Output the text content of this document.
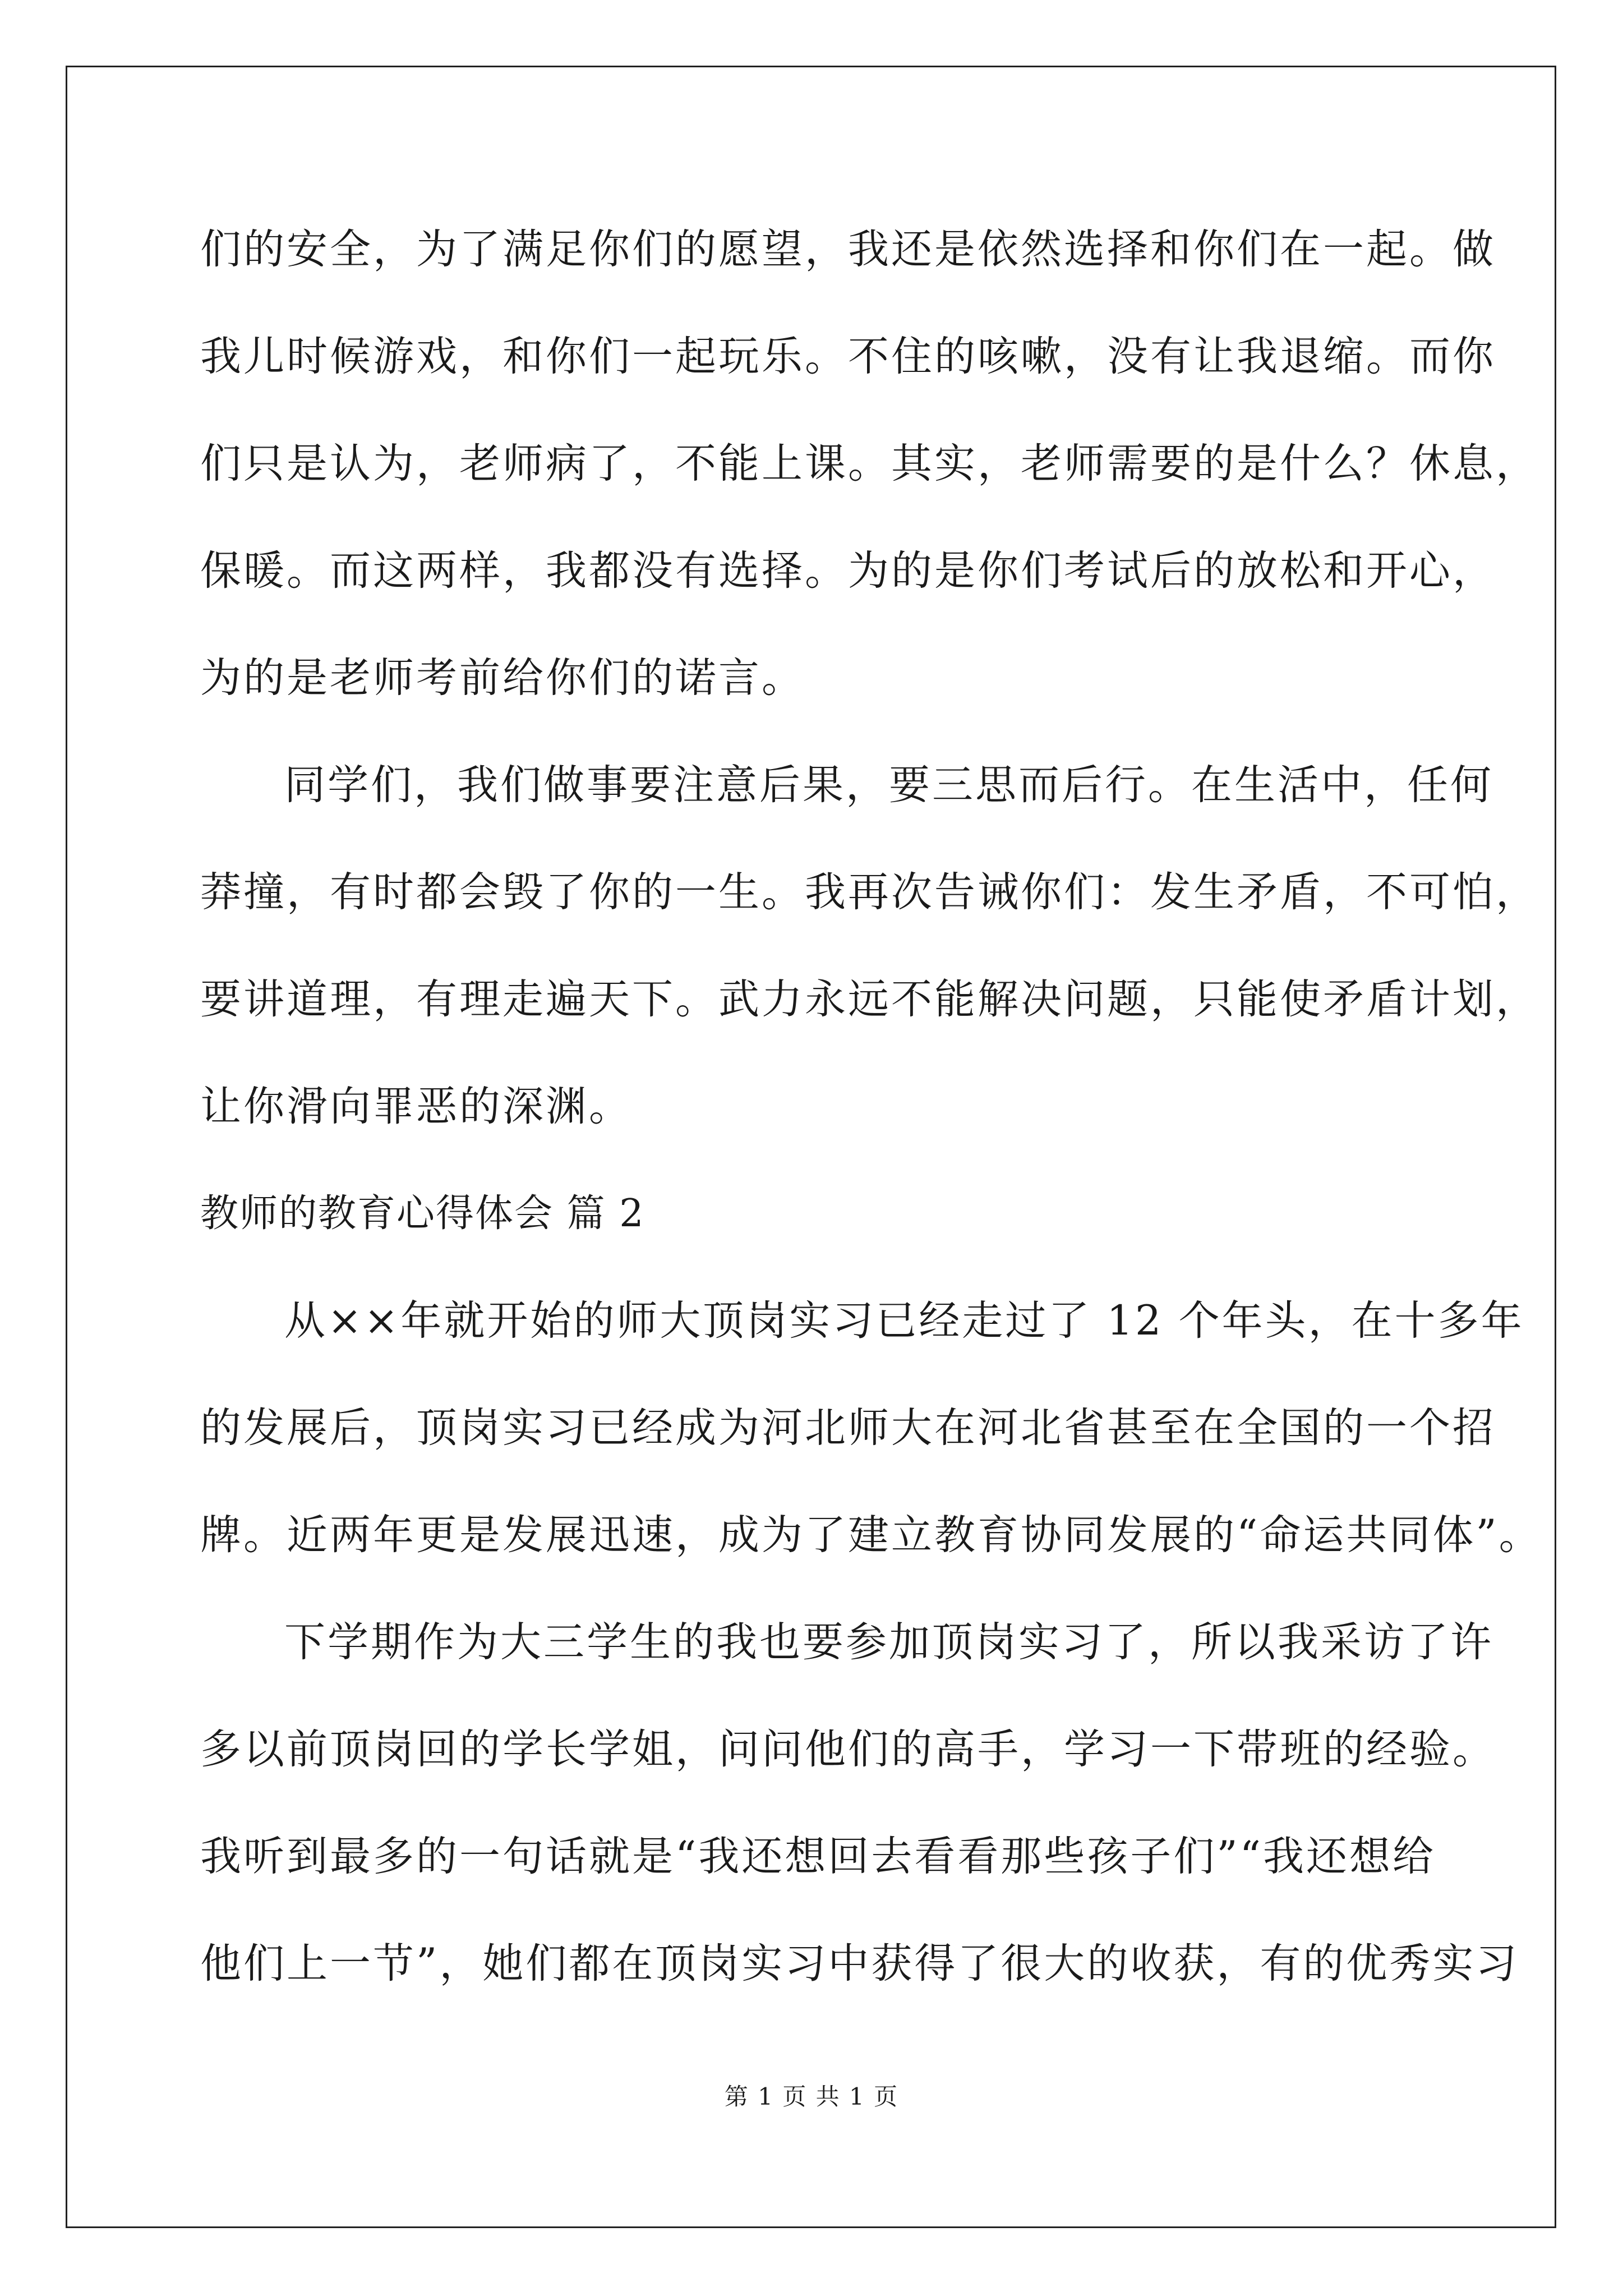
们的安全，为了满足你们的愿望，我还是依然选择和你们在一起。做
我儿时候游戏，和你们一起玩乐。不住的咳嗽，没有让我退缩。而你
们只是认为，老师病了，不能上课。其实，老师需要的是什么？休息，
保暖。而这两样，我都没有选择。为的是你们考试后的放松和开心，
为的是老师考前给你们的诺言。
同学们，我们做事要注意后果，要三思而后行。在生活中，任何
莽撞，有时都会毁了你的一生。我再次告诫你们：发生矛盾，不可怕，
要讲道理，有理走遍天下。武力永远不能解决问题，只能使矛盾计划，
让你滑向罪恶的深渊。
教师的教育心得体会 篇 2
从××年就开始的师大顶岗实习已经走过了 12 个年头，在十多年
的发展后，顶岗实习已经成为河北师大在河北省甚至在全国的一个招
牌。近两年更是发展迅速，成为了建立教育协同发展的“命运共同体”。
下学期作为大三学生的我也要参加顶岗实习了，所以我采访了许
多以前顶岗回的学长学姐，问问他们的高手，学习一下带班的经验。
我听到最多的一句话就是“我还想回去看看那些孩子们”“我还想给
他们上一节”，她们都在顶岗实习中获得了很大的收获，有的优秀实习
第 1 页 共 1 页
